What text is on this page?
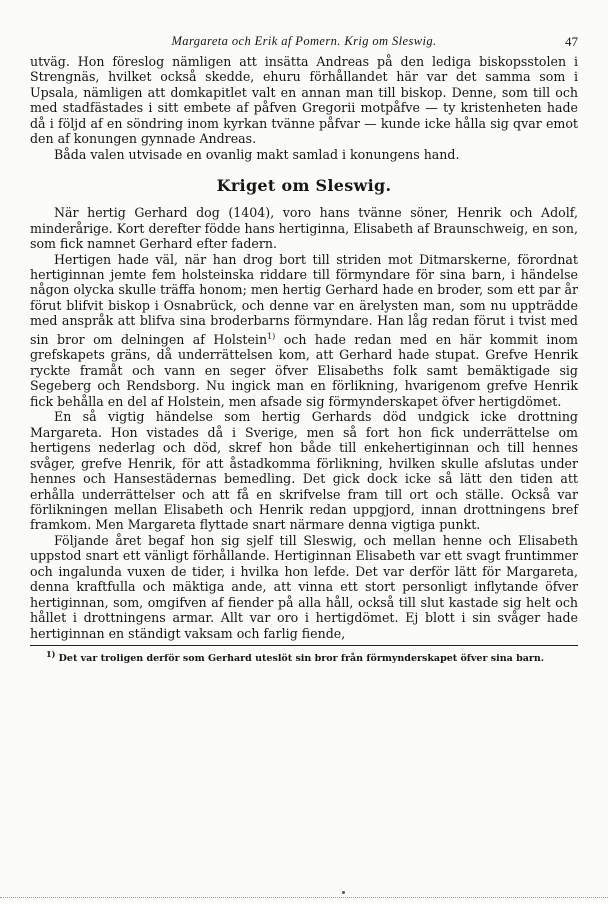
Margareta och Erik af Pomern. Krig om Sleswig.	47

utväg. Hon föreslog nämligen att insätta Andreas på den lediga biskopsstolen i Strengnäs, hvilket också skedde, ehuru förhållandet här var det samma som i Upsala, nämligen att domkapitlet valt en annan man till biskop. Denne, som till och med stadfästades i sitt embete af påfven Gregorii motpåfve — ty kristenheten hade då i följd af en söndring inom kyrkan tvänne påfvar — kunde icke hålla sig qvar emot den af konungen gynnade Andreas.

Båda valen utvisade en ovanlig makt samlad i konungens hand.

Kriget om Sleswig.

När hertig Gerhard dog (1404), voro hans tvänne söner, Henrik och Adolf, minderårige. Kort derefter födde hans hertiginna, Elisabeth af Braunschweig, en son, som fick namnet Gerhard efter fadern.

Hertigen hade väl, när han drog bort till striden mot Ditmarskerne, förordnat hertiginnan jemte fem holsteinska riddare till förmyndare för sina barn, i händelse någon olycka skulle träffa honom; men hertig Gerhard hade en broder, som ett par år förut blifvit biskop i Osnabrück, och denne var en ärelysten man, som nu uppträdde med anspråk att blifva sina broderbarns förmyndare. Han låg redan förut i tvist med sin bror om delningen af Holstein$^{1)}$ och hade redan med en här kommit inom grefskapets gräns, då underrättelsen kom, att Gerhard hade stupat. Grefve Henrik ryckte framåt och vann en seger öfver Elisabeths folk samt bemäktigade sig Segeberg och Rendsborg. Nu ingick man en förlikning, hvarigenom grefve Henrik fick behålla en del af Holstein, men afsade sig förmynderskapet öfver hertigdömet.

En så vigtig händelse som hertig Gerhards död undgick icke drottning Margareta. Hon vistades då i Sverige, men så fort hon fick underrättelse om hertigens nederlag och död, skref hon både till enkehertiginnan och till hennes svåger, grefve Henrik, för att åstadkomma förlikning, hvilken skulle afslutas under hennes och Hansestädernas bemedling. Det gick dock icke så lätt den tiden att erhålla underrättelser och att få en skrifvelse fram till ort och ställe. Också var förlikningen mellan Elisabeth och Henrik redan uppgjord, innan drottningens bref framkom. Men Margareta flyttade snart närmare denna vigtiga punkt.

Följande året begaf hon sig sjelf till Sleswig, och mellan henne och Elisabeth uppstod snart ett vänligt förhållande. Hertiginnan Elisabeth var ett svagt fruntimmer och ingalunda vuxen de tider, i hvilka hon lefde. Det var derför lätt för Margareta, denna kraftfulla och mäktiga ande, att vinna ett stort personligt inflytande öfver hertiginnan, som, omgifven af fiender på alla håll, också till slut kastade sig helt och hållet i drottningens armar. Allt var oro i hertigdömet. Ej blott i sin svåger hade hertiginnan en ständigt vaksam och farlig fiende,

$^{1)}$ Det var troligen derför som Gerhard uteslöt sin bror från förmynderskapet öfver sina barn.
